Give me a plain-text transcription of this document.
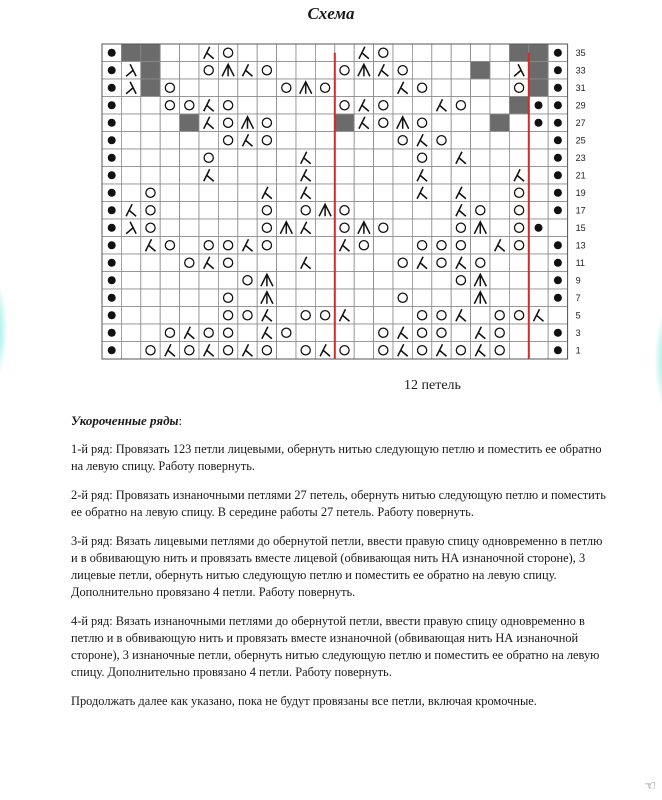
Схема
35
33
31
29
27
25
23
21
19
17
15
13
11
9
7
5
3
1
12 петель
Укороченные ряды:

1-й ряд: Провязать 123 петли лицевыми, обернуть нитью следующую петлю и поместить ее обратно на левую спицу. Работу повернуть.

2-й ряд: Провязать изнаночными петлями 27 петель, обернуть нитью следующую петлю и поместить ее обратно на левую спицу. В середине работы 27 петель. Работу повернуть.

3-й ряд: Вязать лицевыми петлями до обернутой петли, ввести правую спицу одновременно в петлю и в обвивающую нить и провязать вместе лицевой (обвивающая нить НА изнаночной стороне), 3 лицевые петли, обернуть нитью следующую петлю и поместить ее обратно на левую спицу. Дополнительно провязано 4 петли. Работу повернуть.

4-й ряд: Вязать изнаночными петлями до обернутой петли, ввести правую спицу одновременно в петлю и в обвивающую нить и провязать вместе изнаночной (обвивающая нить НА изнаночной стороне), 3 изнаночные петли, обернуть нитью следующую петлю и поместить ее обратно на левую спицу. Дополнительно провязано 4 петли. Работу повернуть.

Продолжать далее как указано, пока не будут провязаны все петли, включая кромочные.

☜
